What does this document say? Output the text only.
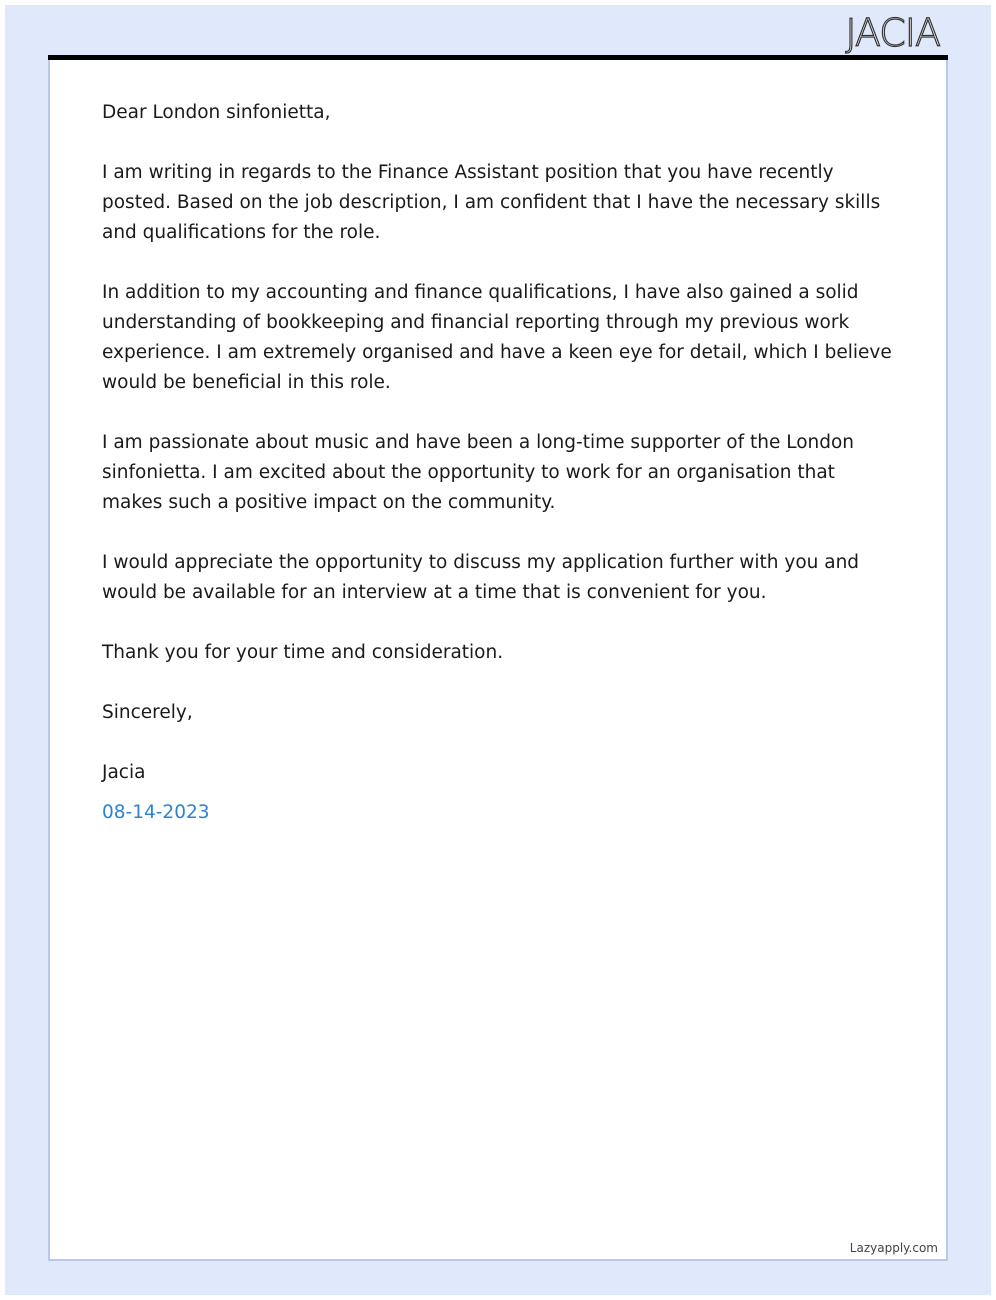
JACIA

Dear London sinfonietta,

I am writing in regards to the Finance Assistant position that you have recently posted. Based on the job description, I am confident that I have the necessary skills and qualifications for the role.

In addition to my accounting and finance qualifications, I have also gained a solid understanding of bookkeeping and financial reporting through my previous work experience. I am extremely organised and have a keen eye for detail, which I believe would be beneficial in this role.

I am passionate about music and have been a long-time supporter of the London sinfonietta. I am excited about the opportunity to work for an organisation that makes such a positive impact on the community.

I would appreciate the opportunity to discuss my application further with you and would be available for an interview at a time that is convenient for you.

Thank you for your time and consideration.

Sincerely,

Jacia

08-14-2023

Lazyapply.com
